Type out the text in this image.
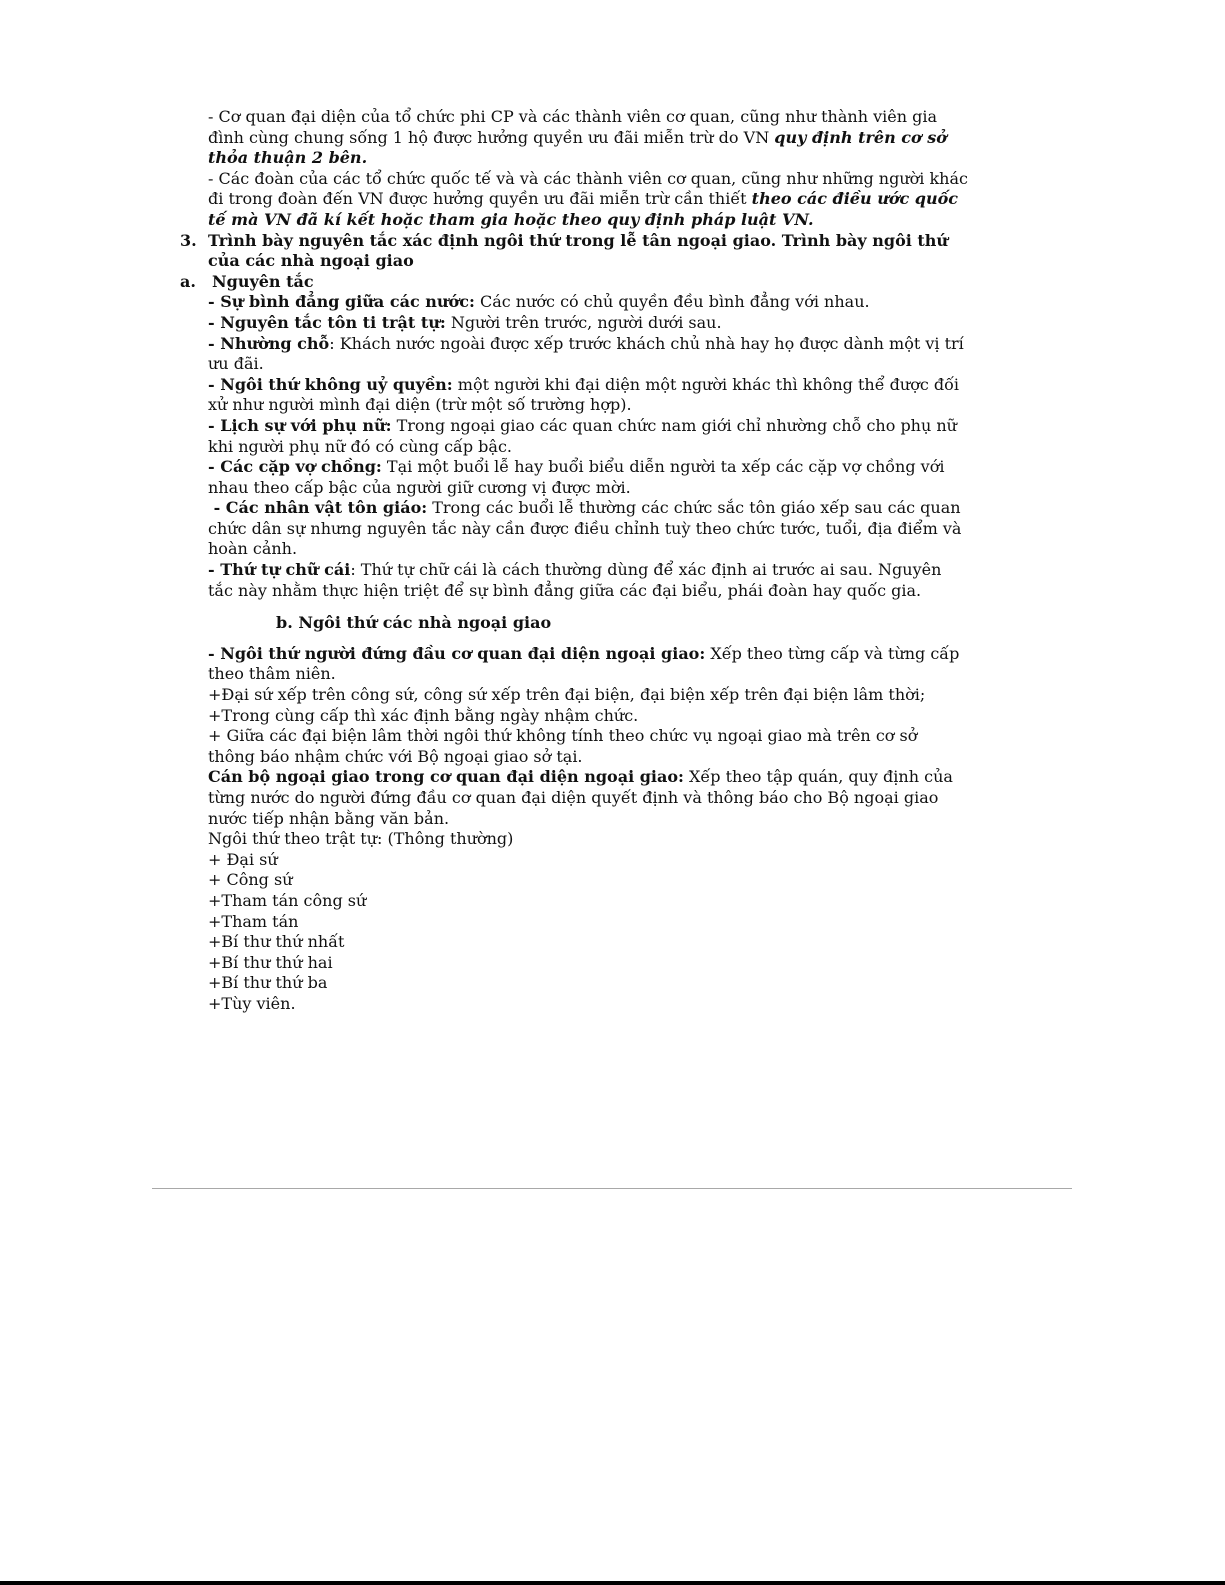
- Cơ quan đại diện của tổ chức phi CP và các thành viên cơ quan, cũng như thành viên gia đình cùng chung sống 1 hộ được hưởng quyền ưu đãi miễn trừ do VN quy định trên cơ sở thỏa thuận 2 bên.

- Các đoàn của các tổ chức quốc tế và và các thành viên cơ quan, cũng như những người khác đi trong đoàn đến VN được hưởng quyền ưu đãi miễn trừ cần thiết theo các điều ước quốc tế mà VN đã kí kết hoặc tham gia hoặc theo quy định pháp luật VN.

3. Trình bày nguyên tắc xác định ngôi thứ trong lễ tân ngoại giao. Trình bày ngôi thứ của các nhà ngoại giao
a.	Nguyên tắc

- Sự bình đẳng giữa các nước: Các nước có chủ quyền đều bình đẳng với nhau.

- Nguyên tắc tôn ti trật tự: Người trên trước, người dưới sau.

- Nhường chỗ: Khách nước ngoài được xếp trước khách chủ nhà hay họ được dành một vị trí ưu đãi.

- Ngôi thứ không uỷ quyền: một người khi đại diện một người khác thì không thể được đối xử như người mình đại diện (trừ một số trường hợp).

- Lịch sự với phụ nữ: Trong ngoại giao các quan chức nam giới chỉ nhường chỗ cho phụ nữ khi người phụ nữ đó có cùng cấp bậc.

- Các cặp vợ chồng: Tại một buổi lễ hay buổi biểu diễn người ta xếp các cặp vợ chồng với nhau theo cấp bậc của người giữ cương vị được mời.

- Các nhân vật tôn giáo: Trong các buổi lễ thường các chức sắc tôn giáo xếp sau các quan chức dân sự nhưng nguyên tắc này cần được điều chỉnh tuỳ theo chức tước, tuổi, địa điểm và hoàn cảnh.

- Thứ tự chữ cái: Thứ tự chữ cái là cách thường dùng để xác định ai trước ai sau. Nguyên tắc này nhằm thực hiện triệt để sự bình đẳng giữa các đại biểu, phái đoàn hay quốc gia.

b. Ngôi thứ các nhà ngoại giao

- Ngôi thứ người đứng đầu cơ quan đại diện ngoại giao: Xếp theo từng cấp và từng cấp theo thâm niên.

+Đại sứ xếp trên công sứ, công sứ xếp trên đại biện, đại biện xếp trên đại biện lâm thời;

+Trong cùng cấp thì xác định bằng ngày nhậm chức.

+ Giữa các đại biện lâm thời ngôi thứ không tính theo chức vụ ngoại giao mà trên cơ sở thông báo nhậm chức với Bộ ngoại giao sở tại.

Cán bộ ngoại giao trong cơ quan đại diện ngoại giao: Xếp theo tập quán, quy định của từng nước do người đứng đầu cơ quan đại diện quyết định và thông báo cho Bộ ngoại giao nước tiếp nhận bằng văn bản.

Ngôi thứ theo trật tự: (Thông thường)

+ Đại sứ

+ Công sứ

+Tham tán công sứ

+Tham tán

+Bí thư thứ nhất

+Bí thư thứ hai

+Bí thư thứ ba

+Tùy viên.
